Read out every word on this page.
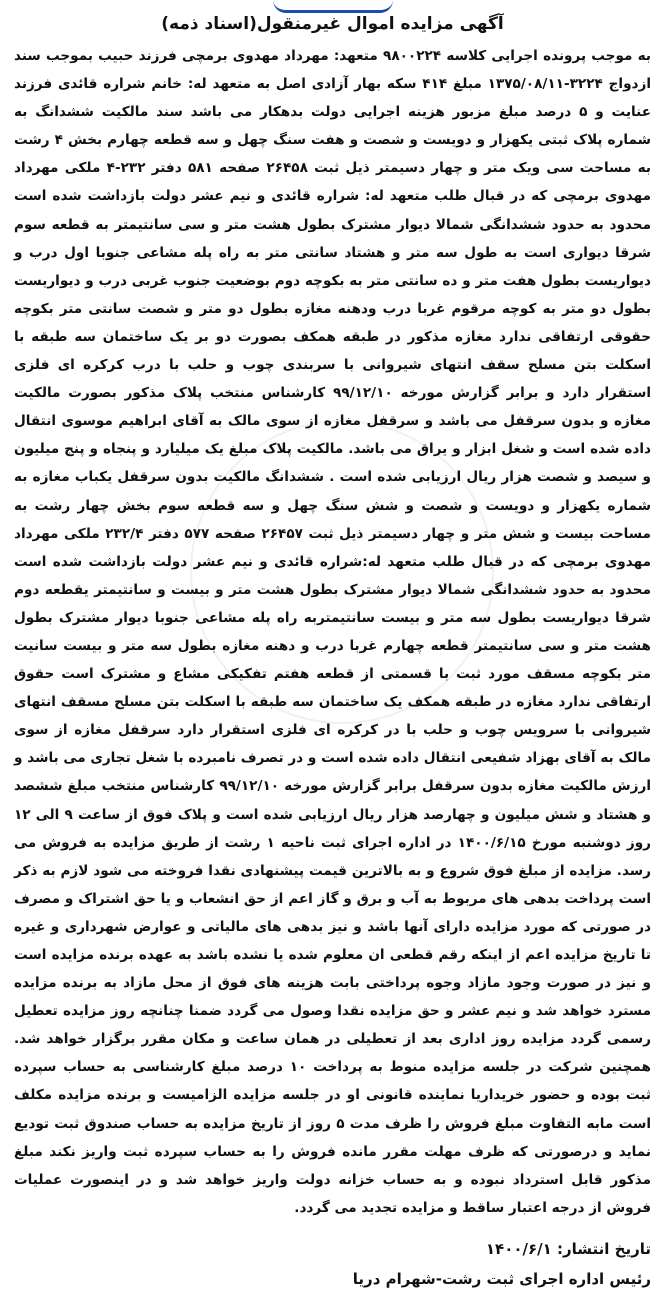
آگهی مزایده اموال غیرمنقول(اسناد ذمه)

به موجب پرونده اجرایی کلاسه ۹۸۰۰۲۲۴ متعهد: مهرداد مهدوی برمچی فرزند حبیب بموجب سند ازدواج ۳۲۲۴-۱۳۷۵/۰۸/۱۱ مبلغ ۴۱۴ سکه بهار آزادی اصل به متعهد له: خانم شراره قائدی فرزند عنایت و ۵ درصد مبلغ مزبور هزینه اجرایی دولت بدهکار می باشد سند مالکیت ششدانگ به شماره پلاک ثبتی یکهزار و دویست و شصت و هفت سنگ چهل و سه قطعه چهارم بخش ۴ رشت به مساحت سی ویک متر و چهار دسیمتر ذیل ثبت ۲۶۴۵۸ صفحه ۵۸۱ دفتر ۲۳۲-۴ ملکی مهرداد مهدوی برمچی که در قبال طلب متعهد له: شراره قائدی و نیم عشر دولت بازداشت شده است محدود به حدود ششدانگی شمالا دیوار مشترک بطول هشت متر و سی سانتیمتر به قطعه سوم شرقا دیواری است به طول سه متر و هشتاد سانتی متر به راه پله مشاعی جنوبا اول درب و دیواریست بطول هفت متر و ده سانتی متر به بکوچه دوم بوضعیت جنوب غربی درب و دیواریست بطول دو متر به کوچه مرقوم غربا درب ودهنه مغازه بطول دو متر و شصت سانتی متر بکوچه حقوقی ارتفاقی ندارد مغازه مذکور در طبقه همکف بصورت دو بر یک ساختمان سه طبقه با اسکلت بتن مسلح سقف انتهای شیروانی با سربندی چوب و حلب با درب کرکره ای فلزی استقرار دارد و برابر گزارش مورخه ۹۹/۱۲/۱۰ کارشناس منتخب پلاک مذکور بصورت مالکیت مغازه و بدون سرقفل می باشد و سرقفل مغازه از سوی مالک به آقای ابراهیم موسوی انتقال داده شده است و شغل ابزار و یراق می باشد. مالکیت پلاک مبلغ یک میلیارد و پنجاه و پنج میلیون و سیصد و شصت هزار ریال ارزیابی شده است . ششدانگ مالکیت بدون سرقفل یکباب مغازه به شماره یکهزار و دویست و شصت و شش سنگ چهل و سه قطعه سوم بخش چهار رشت به مساحت بیست و شش متر و چهار دسیمتر ذیل ثبت ۲۶۴۵۷ صفحه ۵۷۷ دفتر ۲۳۲/۴ ملکی مهرداد مهدوی برمچی که در قبال طلب متعهد له:شراره قائدی و نیم عشر دولت بازداشت شده است محدود به حدود ششدانگی شمالا دیوار مشترک بطول هشت متر و بیست و سانتیمتر یقطعه دوم شرقا دیواریست بطول سه متر و بیست سانتیمتربه راه پله مشاعی جنوبا دیوار مشترک بطول هشت متر و سی سانتیمتر قطعه چهارم غربا درب و دهنه مغازه بطول سه متر و بیست سانیت متر بکوچه مسقف مورد ثبت با قسمتی از قطعه هفتم تفکیکی مشاع و مشترک است حقوق ارتفاقی ندارد مغازه در طبقه همکف یک ساختمان سه طبقه با اسکلت بتن مسلح مسقف انتهای شیروانی با سرویس چوب و حلب با در کرکره ای فلزی استقرار دارد سرقفل مغازه از سوی مالک به آقای بهزاد شفیعی انتقال داده شده است و در تصرف نامبرده با شغل تجاری می باشد و ارزش مالکیت مغازه بدون سرقفل برابر گزارش مورخه ۹۹/۱۲/۱۰ کارشناس منتخب مبلغ ششصد و هشتاد و شش میلیون و چهارصد هزار ریال ارزیابی شده است و پلاک فوق از ساعت ۹ الی ۱۲ روز دوشنبه مورخ ۱۴۰۰/۶/۱۵ در اداره اجرای ثبت ناحیه ۱ رشت از طریق مزایده به فروش می رسد. مزایده از مبلغ فوق شروع و به بالاترین قیمت پیشنهادی نقدا فروخته می شود لازم به ذکر است پرداخت بدهی های مربوط به آب و برق و گاز اعم از حق انشعاب و یا حق اشتراک و مصرف در صورتی که مورد مزایده دارای آنها باشد و نیز بدهی های مالیاتی و عوارض شهرداری و غیره تا تاریخ مزایده اعم از اینکه رقم قطعی ان معلوم شده یا نشده باشد به عهده برنده مزایده است و نیز در صورت وجود مازاد وجوه پرداختی بابت هزینه های فوق از محل مازاد به برنده مزایده مسترد خواهد شد و نیم عشر و حق مزایده نقدا وصول می گردد ضمنا چنانچه روز مزایده تعطیل رسمی گردد مزایده روز اداری بعد از تعطیلی در همان ساعت و مکان مقرر برگزار خواهد شد. همچنین شرکت در جلسه مزایده منوط به پرداخت ۱۰ درصد مبلغ کارشناسی به حساب سپرده ثبت بوده و حضور خریداریا نماینده قانونی او در جلسه مزایده الزامیست و برنده مزایده مکلف است مابه التفاوت مبلغ فروش را ظرف مدت ۵ روز از تاریخ مزایده به حساب صندوق ثبت تودیع نماید و درصورتی که ظرف مهلت مقرر مانده فروش را به حساب سپرده ثبت واریز نکند مبلغ مذکور قابل استرداد نبوده و به حساب خزانه دولت واریز خواهد شد و در اینصورت عملیات فروش از درجه اعتبار ساقط و مزایده تجدید می گردد.

تاریخ انتشار: ۱۴۰۰/۶/۱
رئیس اداره اجرای ثبت رشت-شهرام دریا
